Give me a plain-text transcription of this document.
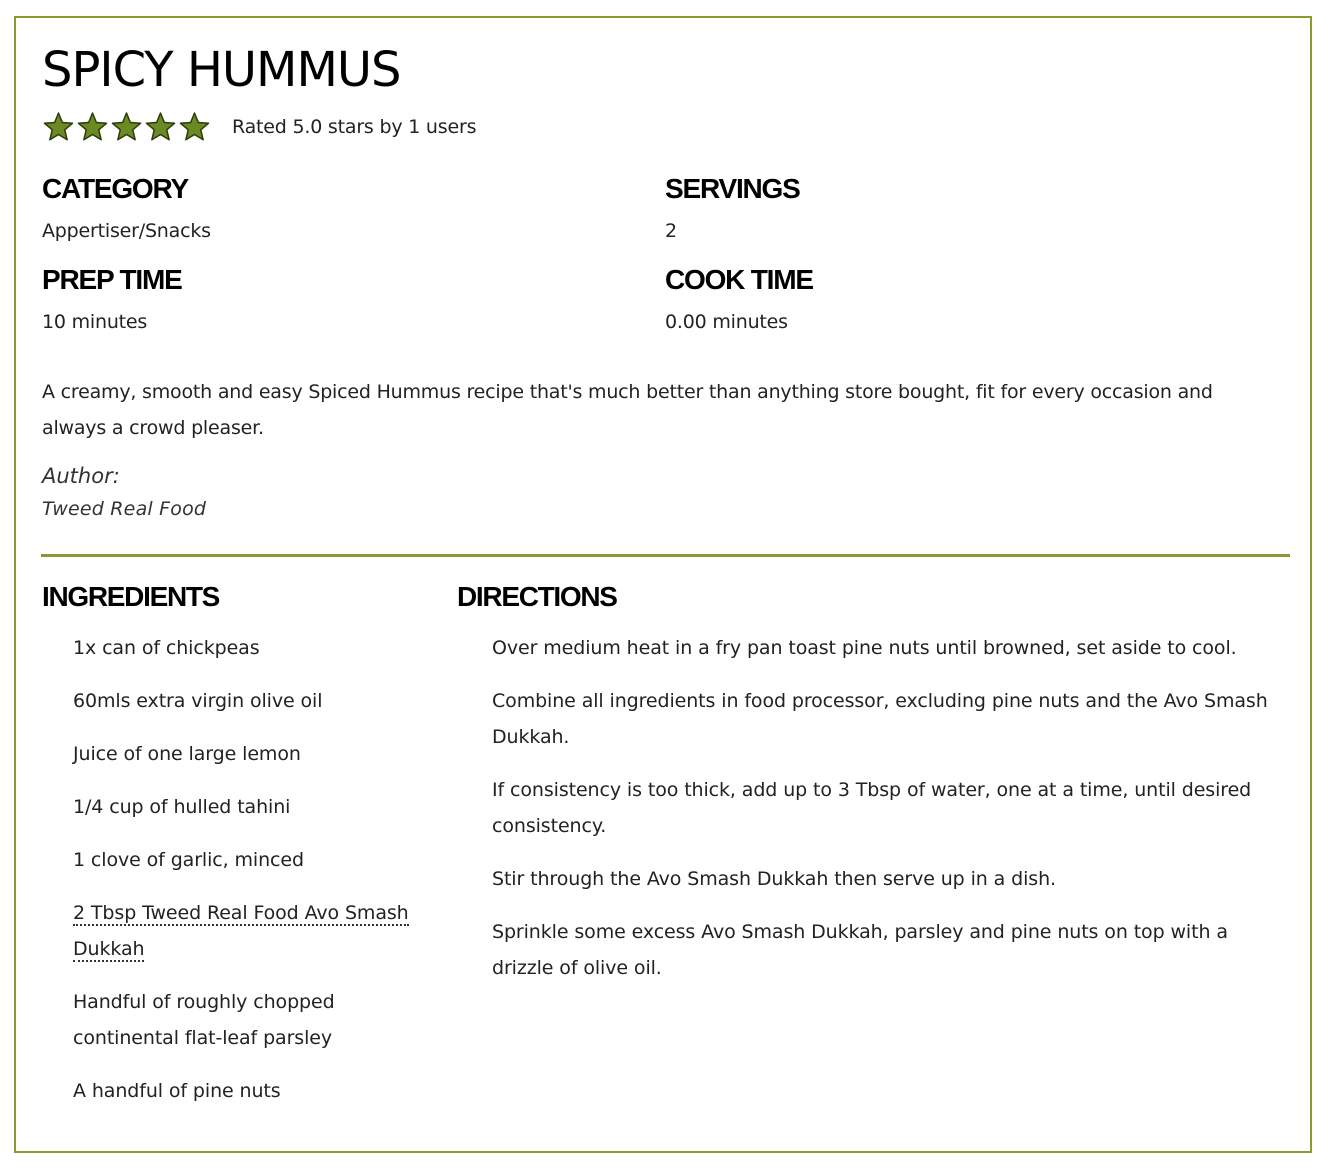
SPICY HUMMUS
Rated 5.0 stars by 1 users
CATEGORY
Appertiser/Snacks
SERVINGS
2
PREP TIME
10 minutes
COOK TIME
0.00 minutes

A creamy, smooth and easy Spiced Hummus recipe that's much better than anything store bought, fit for every occasion and always a crowd pleaser.

Author:
Tweed Real Food
INGREDIENTS
1x can of chickpeas
60mls extra virgin olive oil
Juice of one large lemon
1/4 cup of hulled tahini
1 clove of garlic, minced
2 Tbsp Tweed Real Food Avo Smash Dukkah
Handful of roughly chopped continental flat-leaf parsley
A handful of pine nuts
DIRECTIONS
Over medium heat in a fry pan toast pine nuts until browned, set aside to cool.
Combine all ingredients in food processor, excluding pine nuts and the Avo Smash Dukkah.
If consistency is too thick, add up to 3 Tbsp of water, one at a time, until desired consistency.
Stir through the Avo Smash Dukkah then serve up in a dish.
Sprinkle some excess Avo Smash Dukkah, parsley and pine nuts on top with a drizzle of olive oil.
